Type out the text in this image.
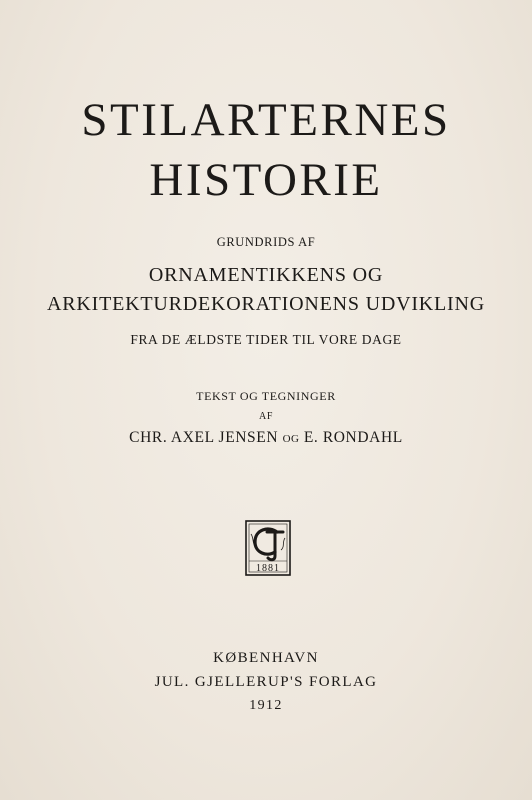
STILARTERNES
HISTORIE
GRUNDRIDS AF
ORNAMENTIKKENS OG
ARKITEKTURDEKORATIONENS UDVIKLING
FRA DE ÆLDSTE TIDER TIL VORE DAGE
TEKST OG TEGNINGER
AF
CHR. AXEL JENSEN OG E. RONDAHL
1881
KØBENHAVN
JUL. GJELLERUP'S FORLAG
1912
